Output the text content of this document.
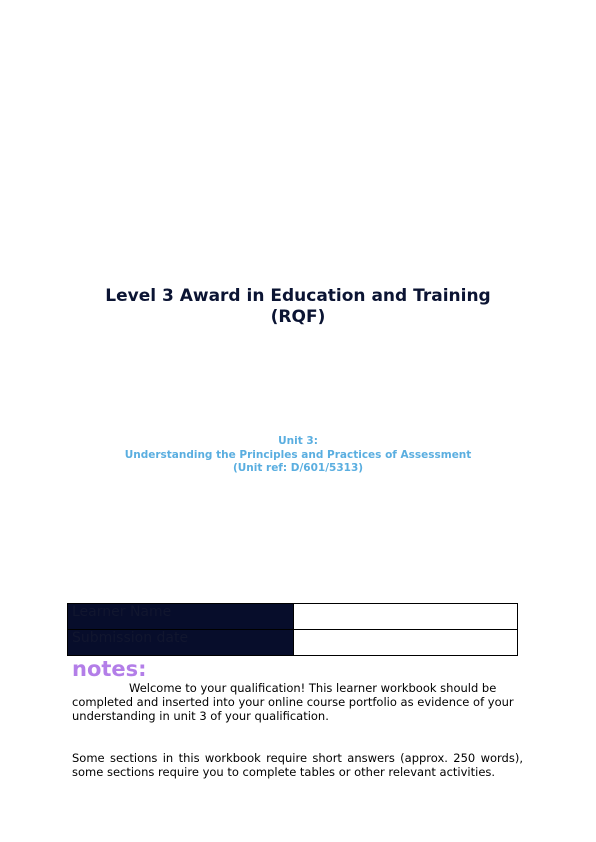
Level 3 Award in Education and Training
(RQF)
Unit 3:
Understanding the Principles and Practices of Assessment
(Unit ref: D/601/5313)
Learner Name	
Submission date	
notes:
Welcome to your qualification! This learner workbook should be completed and inserted into your online course portfolio as evidence of your understanding in unit 3 of your qualification.
Some sections in this workbook require short answers (approx. 250 words), some sections require you to complete tables or other relevant activities.
